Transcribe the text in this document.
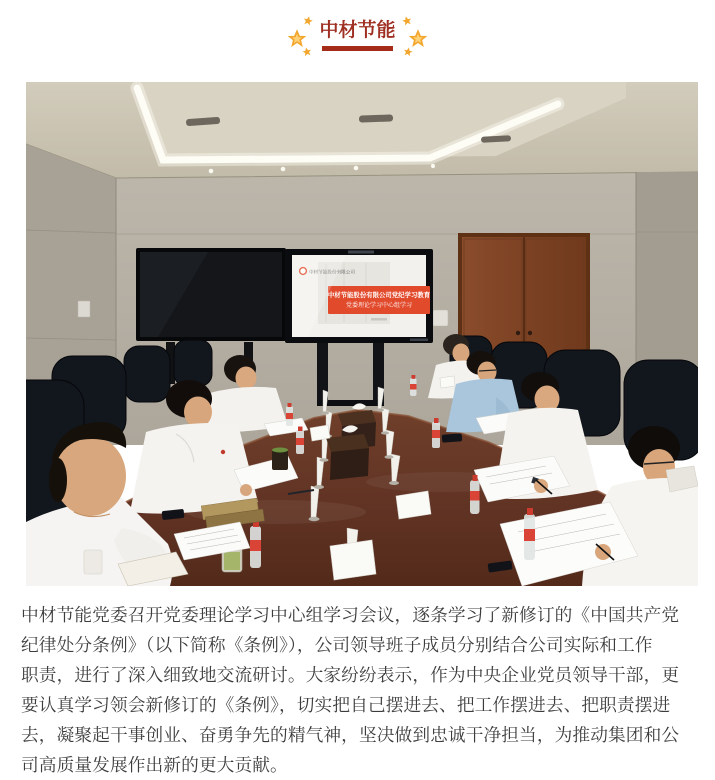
中材节能
中材节能股份有限公司
中材节能股份有限公司党纪学习教育
党委理论学习中心组学习
中材节能党委召开党委理论学习中心组学习会议，逐条学习了新修订的《中国共产党
纪律处分条例》（以下简称《条例》），公司领导班子成员分别结合公司实际和工作
职责，进行了深入细致地交流研讨。大家纷纷表示，作为中央企业党员领导干部，更
要认真学习领会新修订的《条例》，切实把自己摆进去、把工作摆进去、把职责摆进
去，凝聚起干事创业、奋勇争先的精气神，坚决做到忠诚干净担当，为推动集团和公
司高质量发展作出新的更大贡献。
